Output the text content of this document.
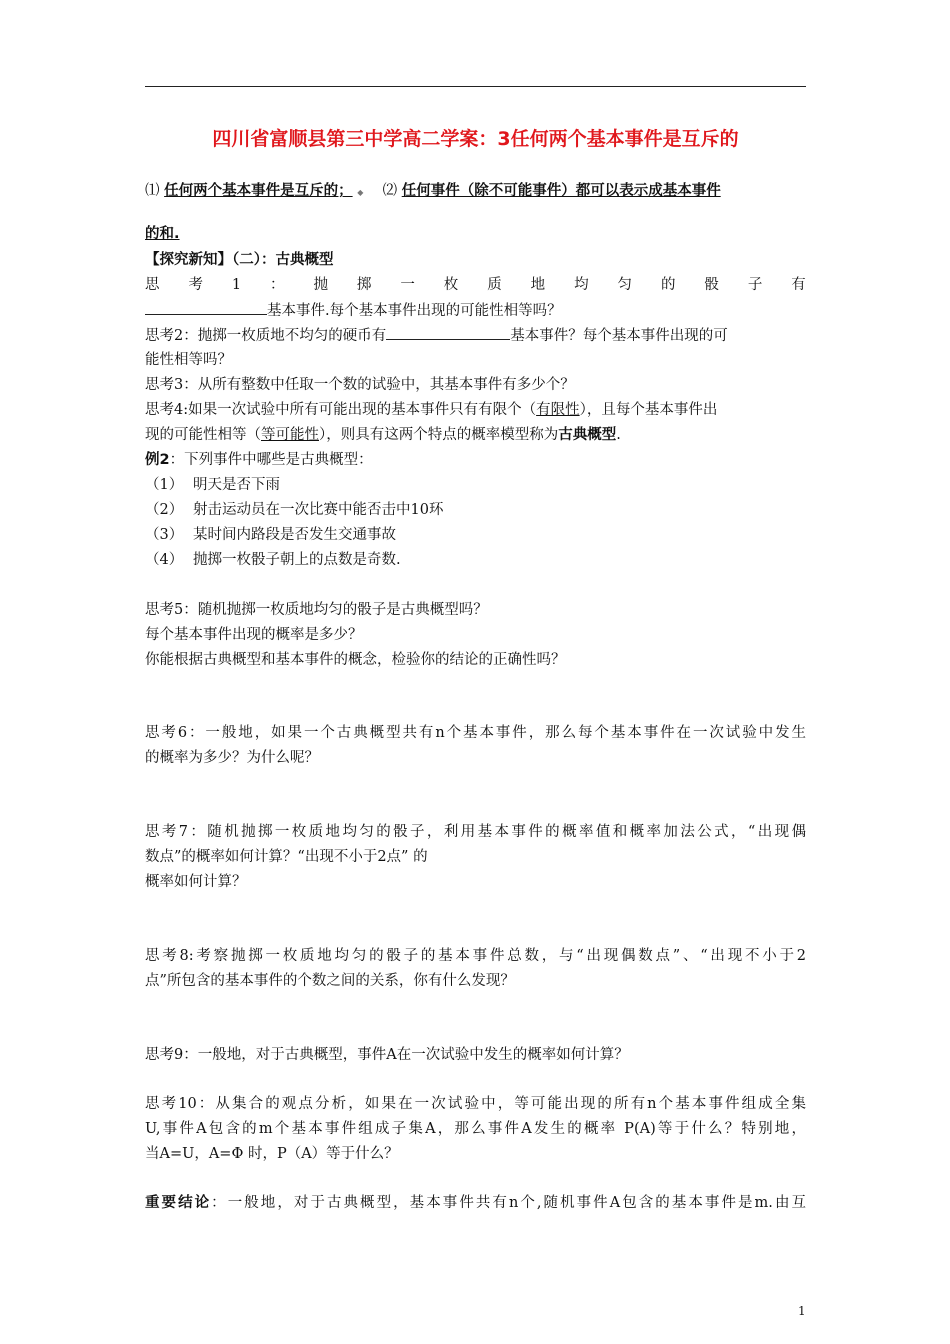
四川省富顺县第三中学高二学案：3任何两个基本事件是互斥的
⑴ 任何两个基本事件是互斥的； ◆ ⑵ 任何事件（除不可能事件）都可以表示成基本事件
的和.
【探究新知】（二）：古典概型
思 考 1 ： 抛 掷 一 枚 质 地 均 匀 的 骰 子 有
基本事件.每个基本事件出现的可能性相等吗？
思考2：抛掷一枚质地不均匀的硬币有	基本事件？每个基本事件出现的可
能性相等吗？
思考3：从所有整数中任取一个数的试验中，其基本事件有多少个？
思考4:如果一次试验中所有可能出现的基本事件只有有限个（有限性），且每个基本事件出
现的可能性相等（等可能性），则具有这两个特点的概率模型称为古典概型.
例2：下列事件中哪些是古典概型：
（1） 明天是否下雨
（2） 射击运动员在一次比赛中能否击中10环
（3） 某时间内路段是否发生交通事故
（4） 抛掷一枚骰子朝上的点数是奇数.
思考5：随机抛掷一枚质地均匀的骰子是古典概型吗？
每个基本事件出现的概率是多少？
你能根据古典概型和基本事件的概念，检验你的结论的正确性吗？
思考6：一般地，如果一个古典概型共有n个基本事件，那么每个基本事件在一次试验中发生
的概率为多少？为什么呢？
思考7：随机抛掷一枚质地均匀的骰子，利用基本事件的概率值和概率加法公式，“出现偶
数点”的概率如何计算？“出现不小于2点” 的
概率如何计算？
思考8:考察抛掷一枚质地均匀的骰子的基本事件总数，与“出现偶数点”、“出现不小于2
点”所包含的基本事件的个数之间的关系，你有什么发现？
思考9：一般地，对于古典概型，事件A在一次试验中发生的概率如何计算？
思考10：从集合的观点分析，如果在一次试验中，等可能出现的所有n个基本事件组成全集
U,事件A包含的m个基本事件组成子集A，那么事件A发生的概率 P(A)等于什么？特别地，
当A=U，A=Φ 时，P（A）等于什么？
重要结论：一般地，对于古典概型，基本事件共有n个,随机事件A包含的基本事件是m.由互
1
